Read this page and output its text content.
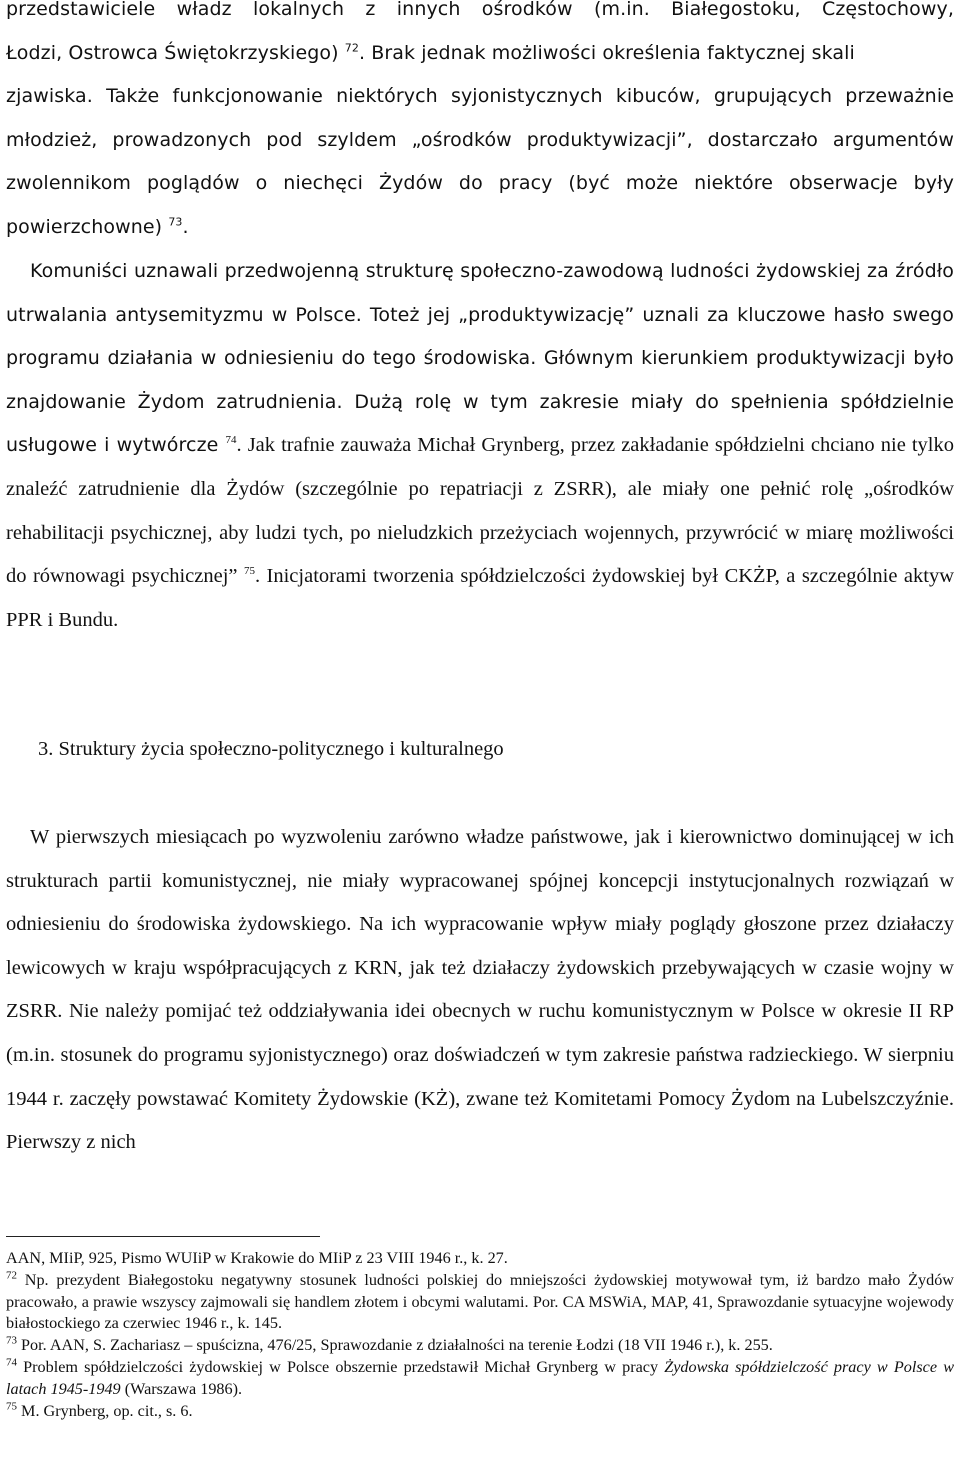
przedstawiciele władz lokalnych z innych ośrodków (m.in. Białegostoku, Częstochowy,

Łodzi, Ostrowca Świętokrzyskiego) $^{72}$. Brak jednak możliwości określenia faktycznej skali

zjawiska. Także funkcjonowanie niektórych syjonistycznych kibuców, grupujących przeważnie młodzież, prowadzonych pod szyldem „ośrodków produktywizacji”, dostarczało argumentów zwolennikom poglądów o niechęci Żydów do pracy (być może niektóre obserwacje były powierzchowne) $^{73}$.

Komuniści uznawali przedwojenną strukturę społeczno-zawodową ludności żydowskiej za źródło utrwalania antysemityzmu w Polsce. Toteż jej „produktywizację” uznali za kluczowe hasło swego programu działania w odniesieniu do tego środowiska. Głównym kierunkiem produktywizacji było znajdowanie Żydom zatrudnienia. Dużą rolę w tym zakresie miały do spełnienia spółdzielnie usługowe i wytwórcze $^{74}$. Jak trafnie zauważa Michał Grynberg, przez zakładanie spółdzielni chciano nie tylko znaleźć zatrudnienie dla Żydów (szczególnie po repatriacji z ZSRR), ale miały one pełnić rolę „ośrodków rehabilitacji psychicznej, aby ludzi tych, po nieludzkich przeżyciach wojennych, przywrócić w miarę możliwości do równowagi psychicznej” $^{75}$. Inicjatorami tworzenia spółdzielczości żydowskiej był CKŻP, a szczególnie aktyw PPR i Bundu.

3. Struktury życia społeczno-politycznego i kulturalnego

W pierwszych miesiącach po wyzwoleniu zarówno władze państwowe, jak i kierownictwo dominującej w ich strukturach partii komunistycznej, nie miały wypracowanej spójnej koncepcji instytucjonalnych rozwiązań w odniesieniu do środowiska żydowskiego. Na ich wypracowanie wpływ miały poglądy głoszone przez działaczy lewicowych w kraju współpracujących z KRN, jak też działaczy żydowskich przebywających w czasie wojny w ZSRR. Nie należy pomijać też oddziaływania idei obecnych w ruchu komunistycznym w Polsce w okresie II RP (m.in. stosunek do programu syjonistycznego) oraz doświadczeń w tym zakresie państwa radzieckiego. W sierpniu 1944 r. zaczęły powstawać Komitety Żydowskie (KŻ), zwane też Komitetami Pomocy Żydom na Lubelszczyźnie. Pierwszy z nich

AAN, MIiP, 925, Pismo WUIiP w Krakowie do MIiP z 23 VIII 1946 r., k. 27.

$^{72}$ Np. prezydent Białegostoku negatywny stosunek ludności polskiej do mniejszości żydowskiej motywował tym, iż bardzo mało Żydów pracowało, a prawie wszyscy zajmowali się handlem złotem i obcymi walutami. Por. CA MSWiA, MAP, 41, Sprawozdanie sytuacyjne wojewody białostockiego za czerwiec 1946 r., k. 145.

$^{73}$ Por. AAN, S. Zachariasz – spuścizna, 476/25, Sprawozdanie z działalności na terenie Łodzi (18 VII 1946 r.), k. 255.

$^{74}$ Problem spółdzielczości żydowskiej w Polsce obszernie przedstawił Michał Grynberg w pracy Żydowska spółdzielczość pracy w Polsce w latach 1945-1949 (Warszawa 1986).

$^{75}$ M. Grynberg, op. cit., s. 6.
